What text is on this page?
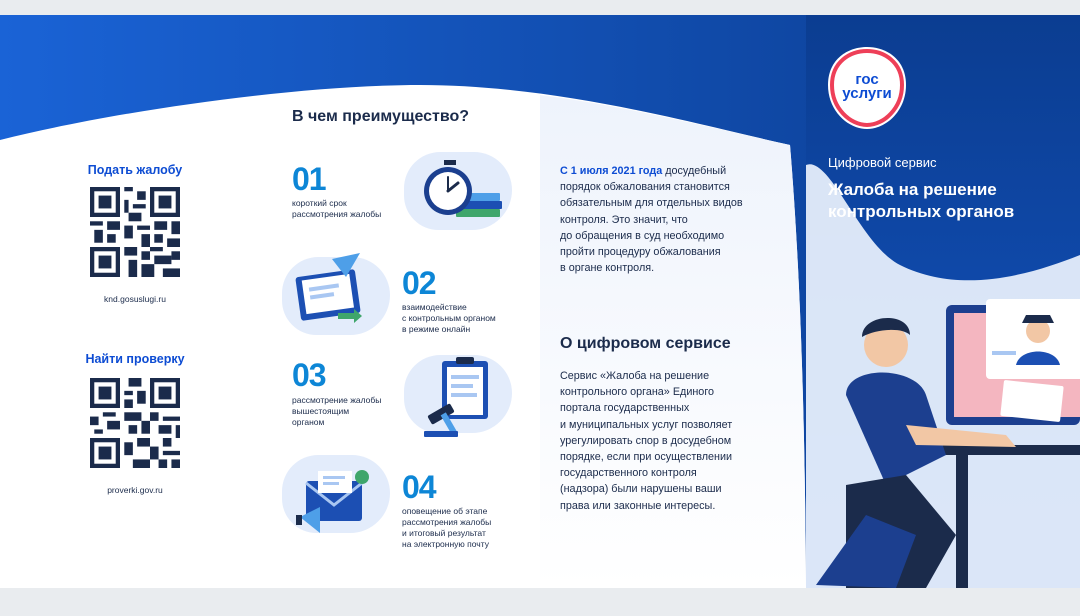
Подать жалобу
knd.gosuslugi.ru
Найти проверку
proverki.gov.ru
В чем преимущество?
01
короткий срок
рассмотрения жалобы
02
взаимодействие
с контрольным органом
в режиме онлайн
03
рассмотрение жалобы
вышестоящим
органом
04
оповещение об этапе
рассмотрения жалобы
и итоговый результат
на электронную почту
С 1 июля 2021 года досудебный
порядок обжалования становится
обязательным для отдельных видов
контроля. Это значит, что
до обращения в суд необходимо
пройти процедуру обжалования
в органе контроля.
О цифровом сервисе
Сервис «Жалоба на решение
контрольного органа» Единого
портала государственных
и муниципальных услуг позволяет
урегулировать спор в досудебном
порядке, если при осуществлении
государственного контроля
(надзора) были нарушены ваши
права или законные интересы.
гос
услуги
Цифровой сервис
Жалоба на решение
контрольных органов
